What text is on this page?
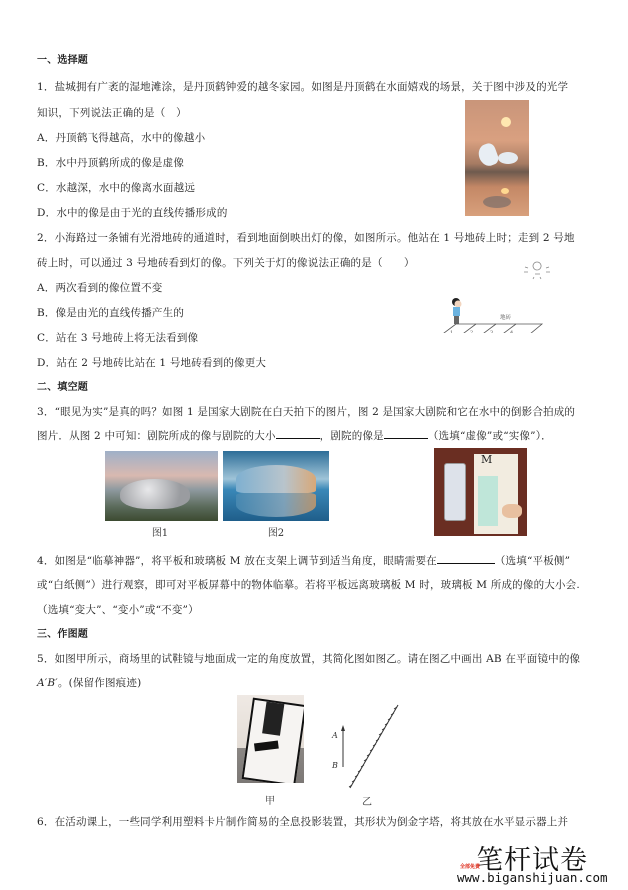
一、选择题
1．盐城拥有广袤的湿地滩涂，是丹顶鹤钟爱的越冬家园。如图是丹顶鹤在水面嬉戏的场景，关于图中涉及的光学
知识，下列说法正确的是（　）
A．丹顶鹤飞得越高，水中的像越小
B．水中丹顶鹤所成的像是虚像
C．水越深，水中的像离水面越远
D．水中的像是由于光的直线传播形成的
2．小海路过一条铺有光滑地砖的通道时，看到地面倒映出灯的像，如图所示。他站在 1 号地砖上时；走到 2 号地
砖上时，可以通过 3 号地砖看到灯的像。下列关于灯的像说法正确的是（　　）
A．两次看到的像位置不变
B．像是由光的直线传播产生的
C．站在 3 号地砖上将无法看到像
D．站在 2 号地砖比站在 1 号地砖看到的像更大
地砖
1	2	3	4
二、填空题
3．“眼见为实”是真的吗？如图 1 是国家大剧院在白天拍下的图片，图 2 是国家大剧院和它在水中的倒影合拍成的
图片．从图 2 中可知：剧院所成的像与剧院的大小	，剧院的像是	（选填“虚像”或“实像”）．
图1	图2
M
4．如图是“临摹神器”，将平板和玻璃板 M 放在支架上调节到适当角度，眼睛需要在	（选填“平板侧”
或“白纸侧”）进行观察，即可对平板屏幕中的物体临摹。若将平板远离玻璃板 M 时，玻璃板 M 所成的像的大小会.
（选填“变大”、“变小”或“不变”）
三、作图题
5．如图甲所示，商场里的试鞋镜与地面成一定的角度放置，其简化图如图乙。请在图乙中画出 AB 在平面镜中的像
A′B′。(保留作图痕迹)
甲
A
B
乙
6．在活动课上，一些同学利用塑料卡片制作简易的全息投影装置，其形状为倒金字塔，将其放在水平显示器上并
笔杆试卷
全部免费
www.biganshijuan.com
